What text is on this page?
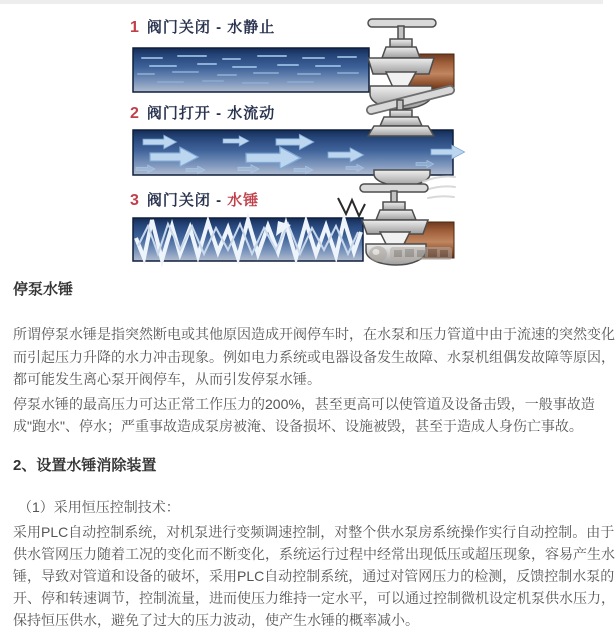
1 阀门关闭 - 水静止
2 阀门打开 - 水流动
3 阀门关闭 - 水锤
停泵水锤
所谓停泵水锤是指突然断电或其他原因造成开阀停车时，在水泵和压力管道中由于流速的突然变化
而引起压力升降的水力冲击现象。例如电力系统或电器设备发生故障、水泵机组偶发故障等原因，
都可能发生离心泵开阀停车，从而引发停泵水锤。
停泵水锤的最高压力可达正常工作压力的200%，甚至更高可以使管道及设备击毁，一般事故造
成"跑水"、停水；严重事故造成泵房被淹、设备损坏、设施被毁，甚至于造成人身伤亡事故。
2、设置水锤消除装置
（1）采用恒压控制技术：
采用PLC自动控制系统，对机泵进行变频调速控制，对整个供水泵房系统操作实行自动控制。由于
供水管网压力随着工况的变化而不断变化，系统运行过程中经常出现低压或超压现象，容易产生水
锤，导致对管道和设备的破坏，采用PLC自动控制系统，通过对管网压力的检测，反馈控制水泵的
开、停和转速调节，控制流量，进而使压力维持一定水平，可以通过控制微机设定机泵供水压力，
保持恒压供水，避免了过大的压力波动，使产生水锤的概率减小。
